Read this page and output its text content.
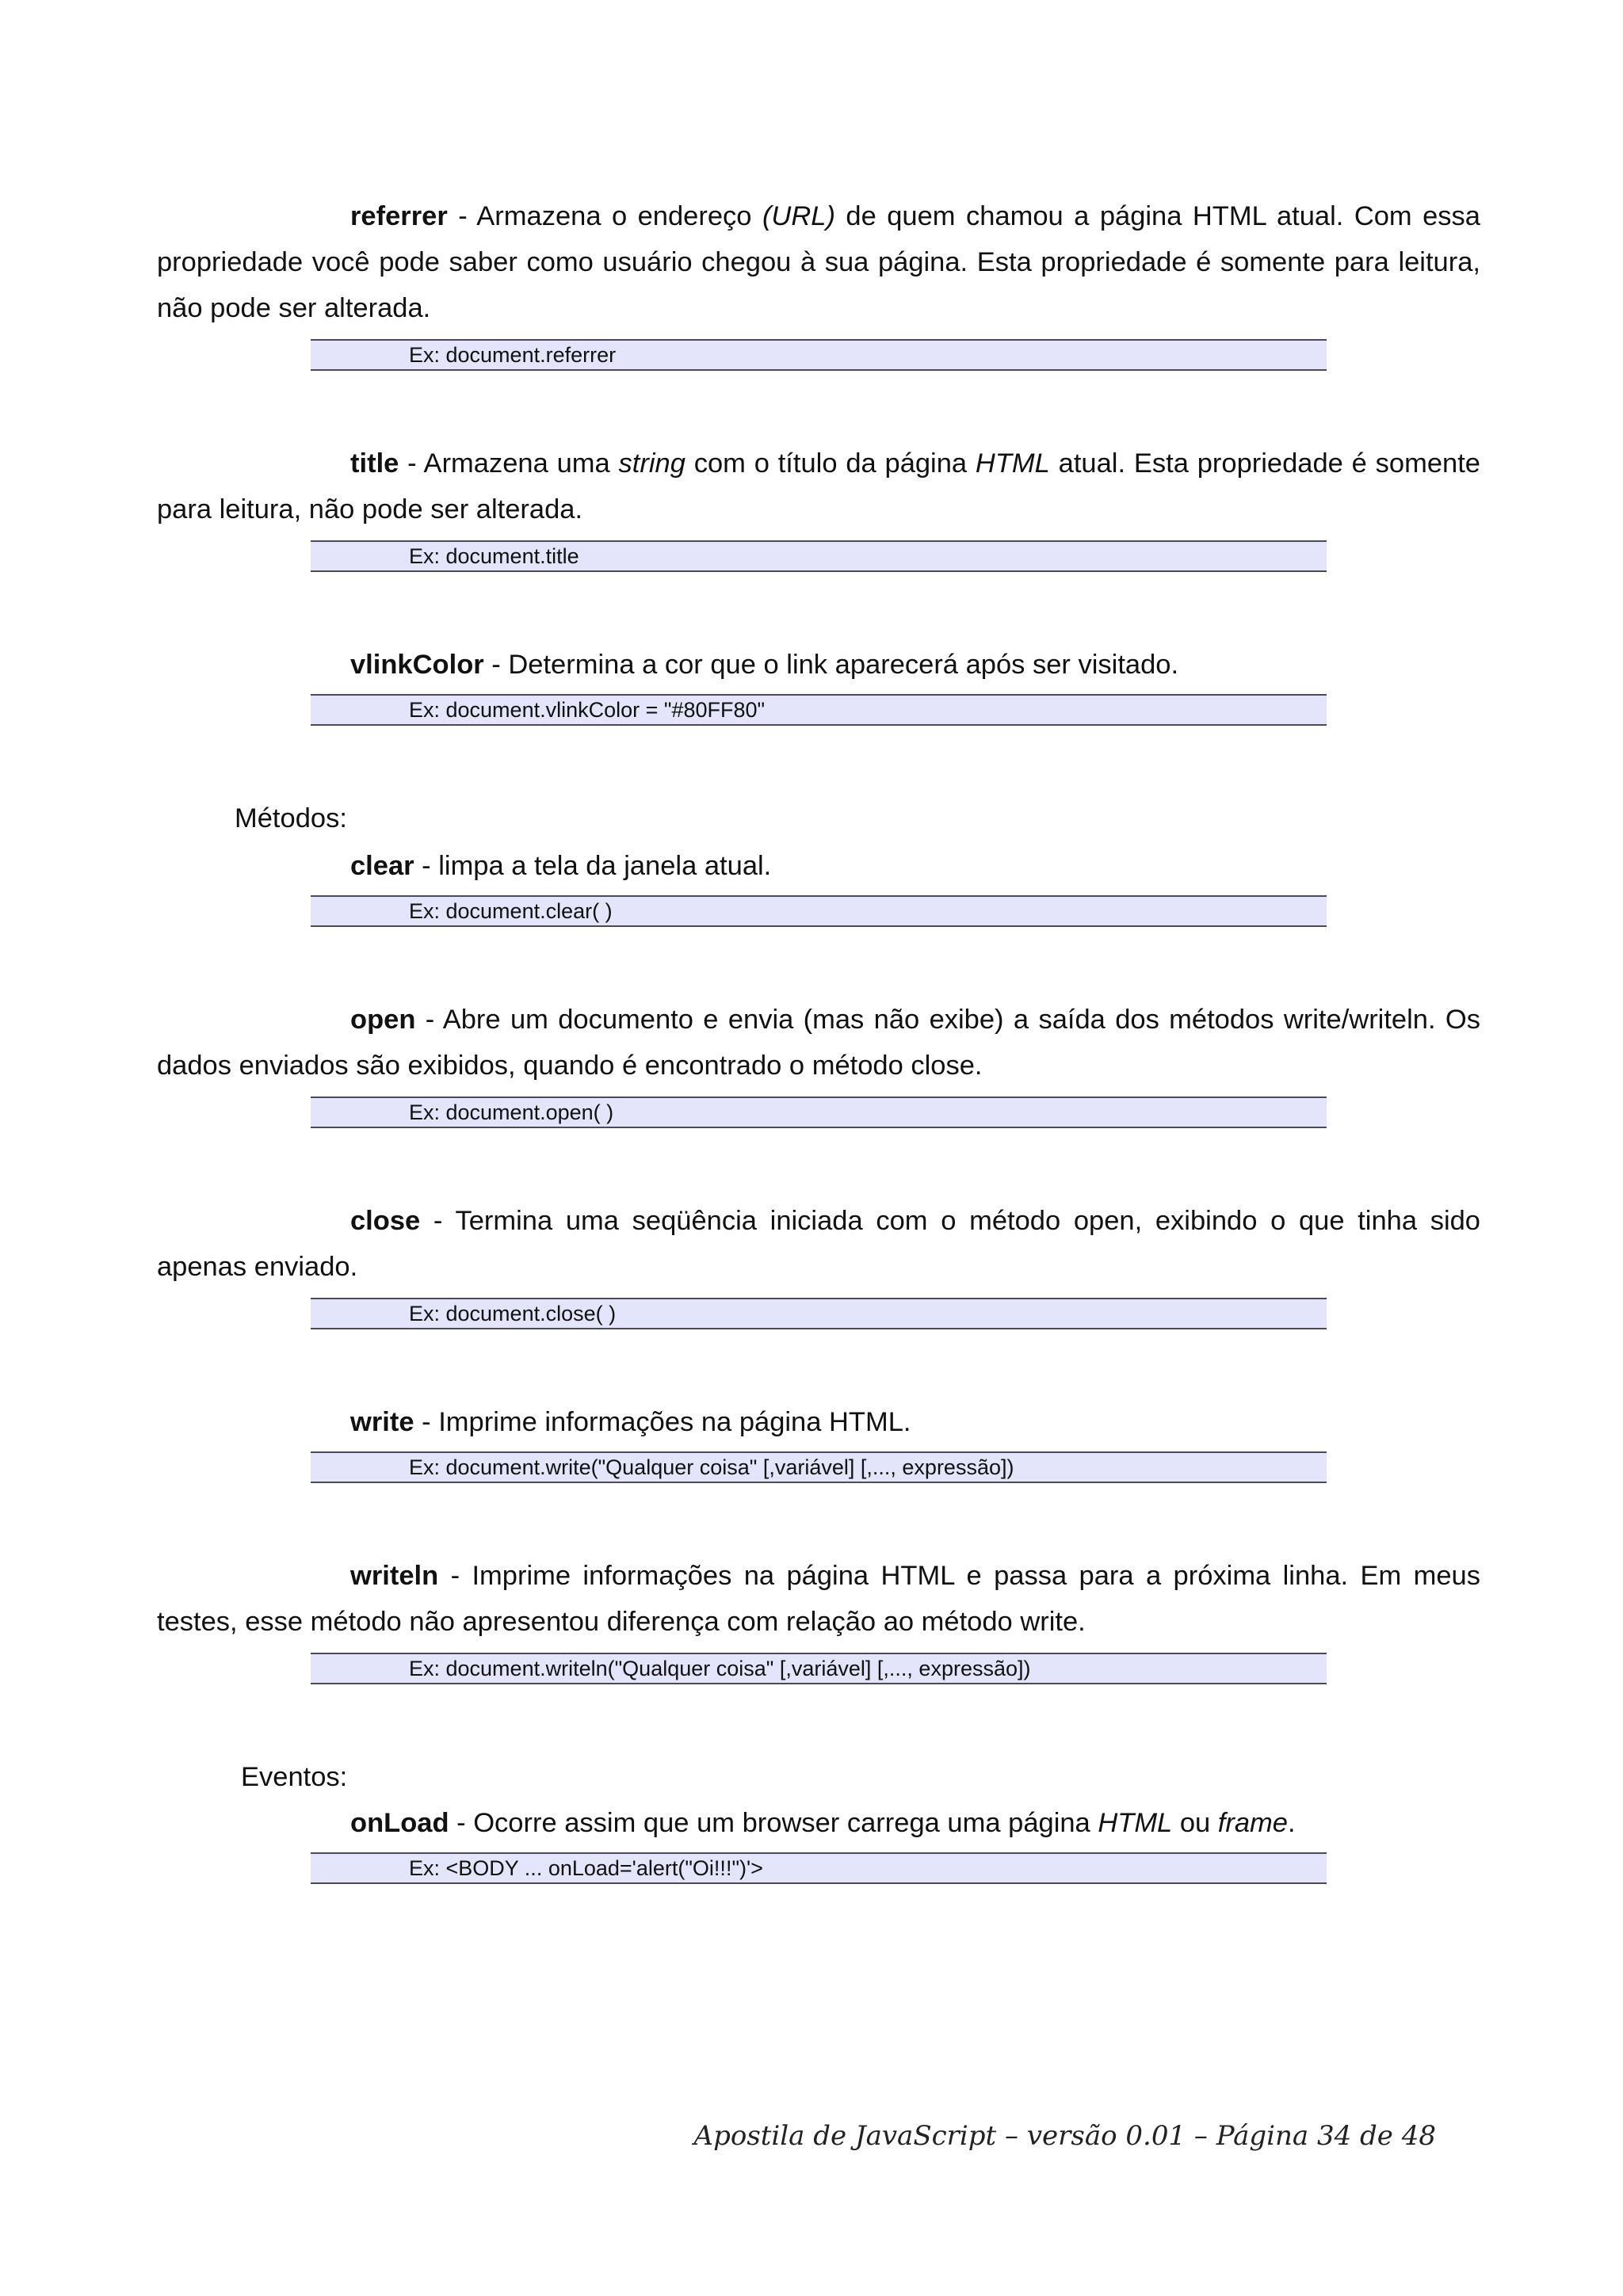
referrer - Armazena o endereço (URL) de quem chamou a página HTML atual. Com essa propriedade você pode saber como usuário chegou à sua página. Esta propriedade é somente para leitura, não pode ser alterada.

Ex: document.referrer

title - Armazena uma string com o título da página HTML atual. Esta propriedade é somente para leitura, não pode ser alterada.

Ex: document.title

vlinkColor - Determina a cor que o link aparecerá após ser visitado.

Ex: document.vlinkColor = "#80FF80"

Métodos:

clear - limpa a tela da janela atual.

Ex: document.clear( )

open - Abre um documento e envia (mas não exibe) a saída dos métodos write/writeln. Os dados enviados são exibidos, quando é encontrado o método close.

Ex: document.open( )

close - Termina uma seqüência iniciada com o método open, exibindo o que tinha sido apenas enviado.

Ex: document.close( )

write - Imprime informações na página HTML.

Ex: document.write("Qualquer coisa" [,variável] [,..., expressão])

writeln - Imprime informações na página HTML e passa para a próxima linha. Em meus testes, esse método não apresentou diferença com relação ao método write.

Ex: document.writeln("Qualquer coisa" [,variável] [,..., expressão])

Eventos:

onLoad - Ocorre assim que um browser carrega uma página HTML ou frame.

Ex: <BODY ... onLoad='alert("Oi!!!")'>
Apostila de JavaScript – versão 0.01 – Página 34 de 48
